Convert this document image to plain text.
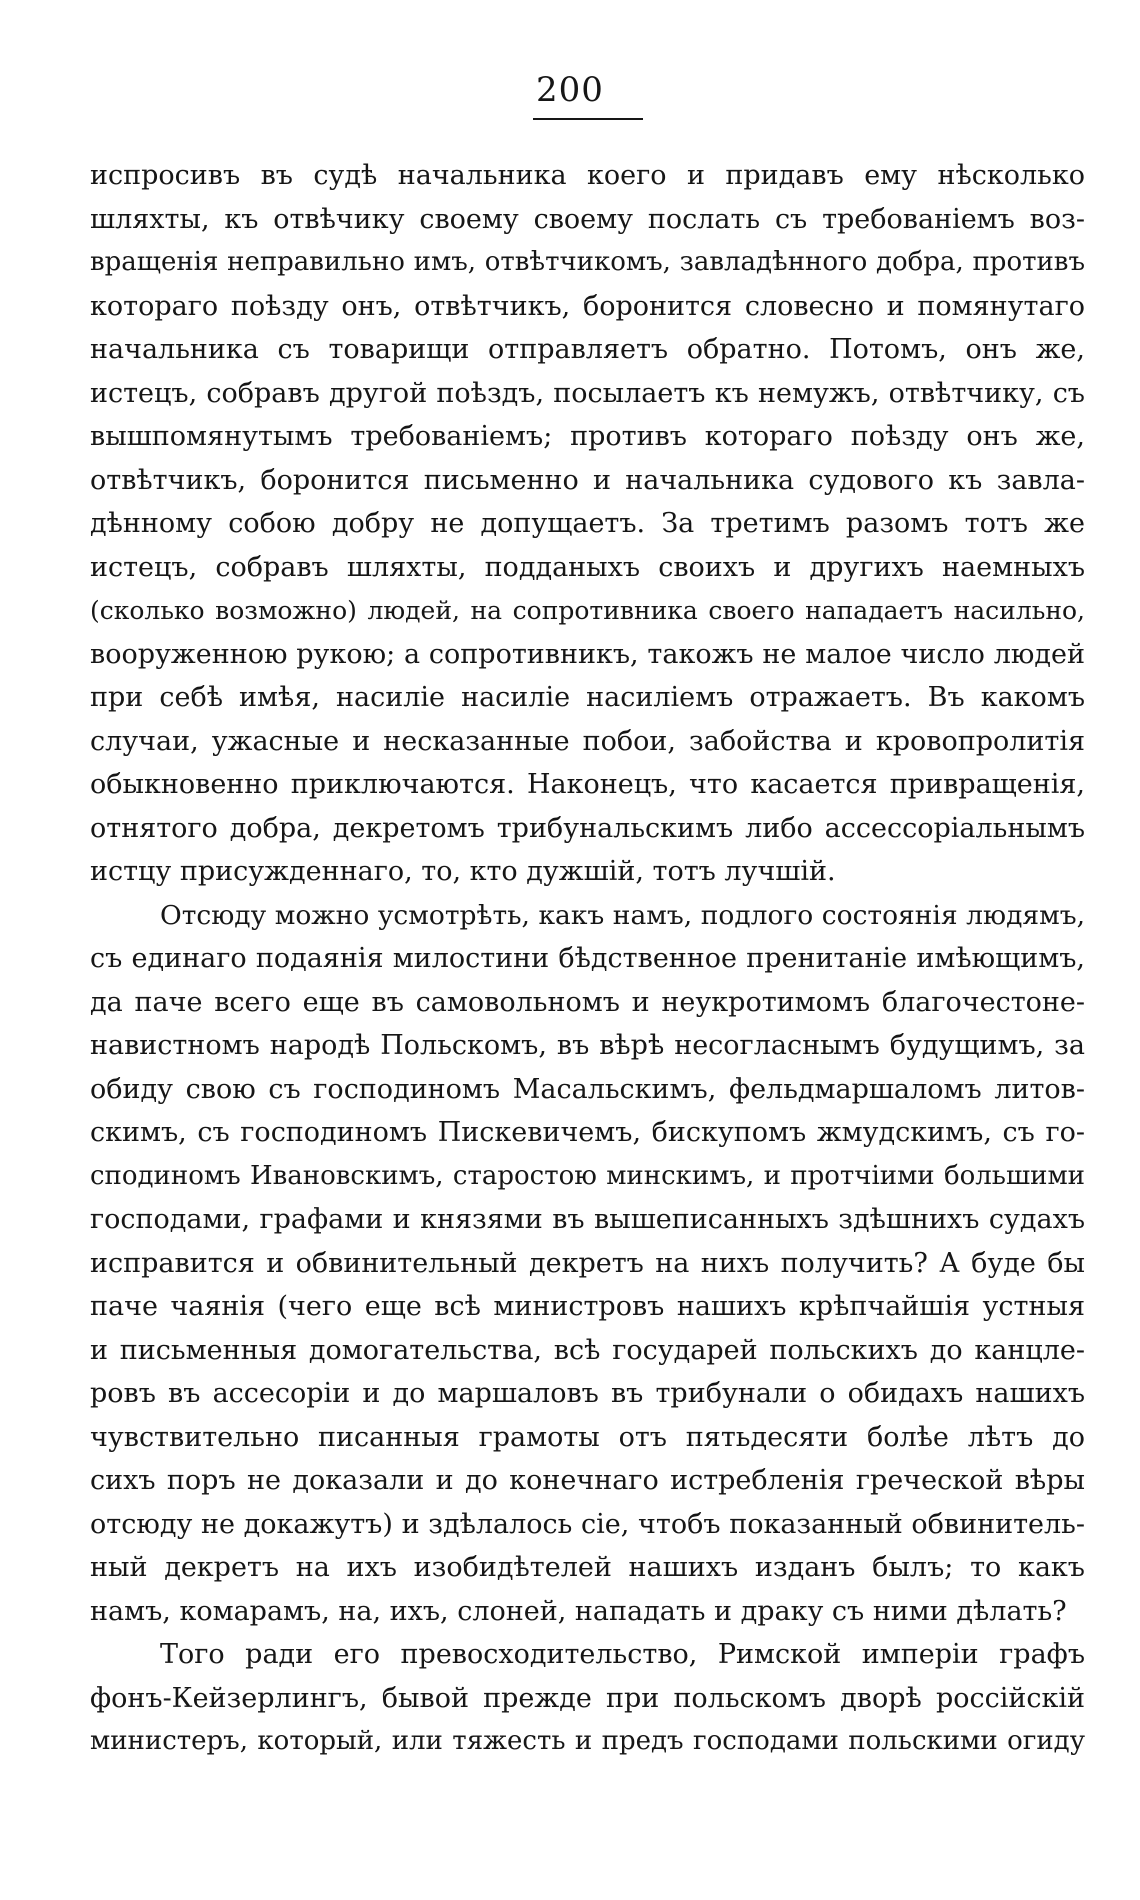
200
испросивъ въ судѣ начальника коего и придавъ ему нѣсколько
шляхты, къ отвѣчику своему своему послать съ требованіемъ воз-
вращенія неправильно имъ, отвѣтчикомъ, завладѣнного добра, противъ
котораго поѣзду онъ, отвѣтчикъ, боронится словесно и помянутаго
начальника съ товарищи отправляетъ обратно. Потомъ, онъ же,
истецъ, собравъ другой поѣздъ, посылаетъ къ немужъ, отвѣтчику, съ
вышпомянутымъ требованіемъ; противъ котораго поѣзду онъ же,
отвѣтчикъ, боронится письменно и начальника судового къ завла-
дѣнному собою добру не допущаетъ. За третимъ разомъ тотъ же
истецъ, собравъ шляхты, подданыхъ своихъ и другихъ наемныхъ
(сколько возможно) людей, на сопротивника своего нападаетъ насильно,
вооруженною рукою; а сопротивникъ, такожъ не малое число людей
при себѣ имѣя, насиліе насиліе насиліемъ отражаетъ. Въ какомъ
случаи, ужасные и несказанные побои, забойства и кровопролитія
обыкновенно приключаются. Наконецъ, что касается привращенія,
отнятого добра, декретомъ трибунальскимъ либо ассессоріальнымъ
истцу присужденнаго, то, кто дужшій, тотъ лучшій.
Отсюду можно усмотрѣть, какъ намъ, подлого состоянія людямъ,
съ единаго подаянія милостини бѣдственное пренитаніе имѣющимъ,
да паче всего еще въ самовольномъ и неукротимомъ благочестоне-
навистномъ народѣ Польскомъ, въ вѣрѣ несогласнымъ будущимъ, за
обиду свою съ господиномъ Масальскимъ, фельдмаршаломъ литов-
скимъ, съ господиномъ Пискевичемъ, бискупомъ жмудскимъ, съ го-
сподиномъ Ивановскимъ, старостою минскимъ, и протчіими большими
господами, графами и князями въ вышеписанныхъ здѣшнихъ судахъ
исправится и обвинительный декретъ на нихъ получить? А буде бы
паче чаянія (чего еще всѣ министровъ нашихъ крѣпчайшія устныя
и письменныя домогательства, всѣ государей польскихъ до канцле-
ровъ въ ассесоріи и до маршаловъ въ трибунали о обидахъ нашихъ
чувствительно писанныя грамоты отъ пятьдесяти болѣе лѣтъ до
сихъ поръ не доказали и до конечнаго истребленія греческой вѣры
отсюду не докажутъ) и здѣлалось сіе, чтобъ показанный обвинитель-
ный декретъ на ихъ изобидѣтелей нашихъ изданъ былъ; то какъ
намъ, комарамъ, на, ихъ, слоней, нападать и драку съ ними дѣлать?
Того ради его превосходительство, Римской имперіи графъ
фонъ-Кейзерлингъ, бывой прежде при польскомъ дворѣ россійскій
министеръ, который, или тяжесть и предъ господами польскими огиду
